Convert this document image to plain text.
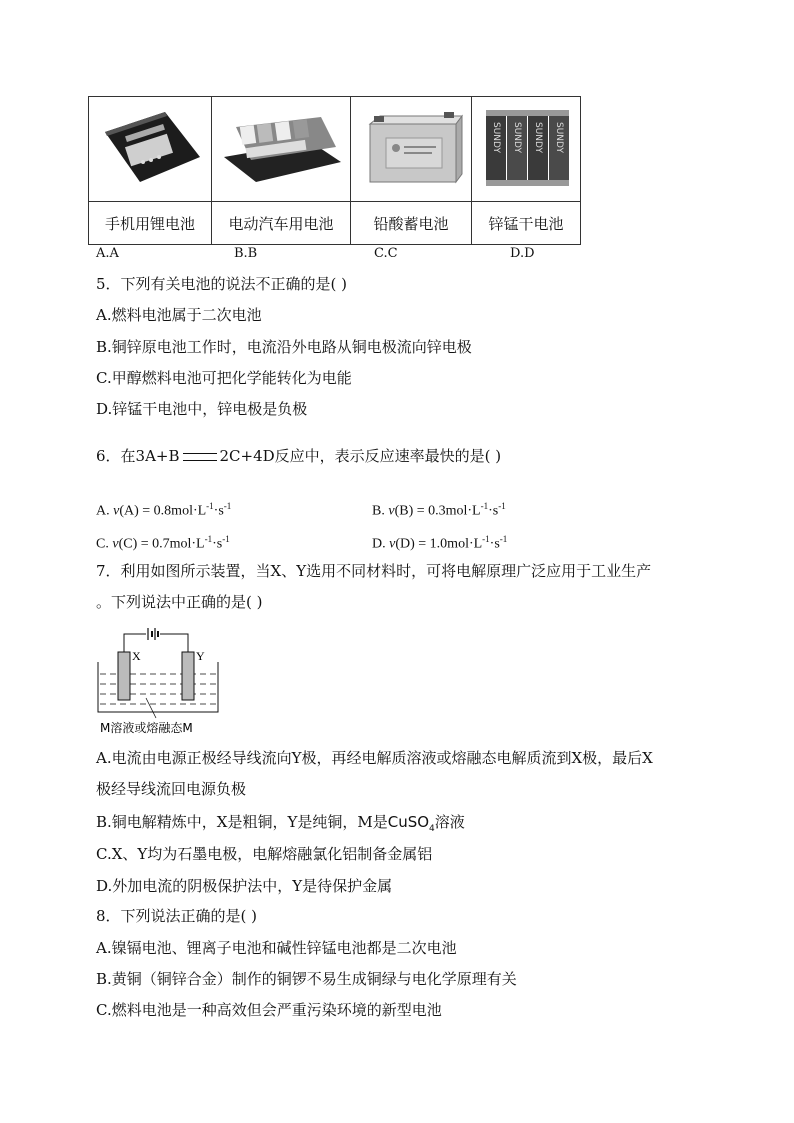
SUNDY SUNDY SUNDY SUNDY

手机用锂电池	电动汽车用电池	铅酸蓄电池	锌锰干电池
A.A	B.B	C.C	D.D
5．下列有关电池的说法不正确的是( )
A.燃料电池属于二次电池
B.铜锌原电池工作时，电流沿外电路从铜电极流向锌电极
C.甲醇燃料电池可把化学能转化为电能
D.锌锰干电池中，锌电极是负极
6．在3A+B	2C+4D反应中，表示反应速率最快的是( )
A. $v(A) = 0.8mol\cdot L^{-1}\cdot s^{-1}$	B. $v(B) = 0.3mol\cdot L^{-1}\cdot s^{-1}$
C. $v(C) = 0.7mol\cdot L^{-1}\cdot s^{-1}$	D. $v(D) = 1.0mol\cdot L^{-1}\cdot s^{-1}$
7．利用如图所示装置，当X、Y选用不同材料时，可将电解原理广泛应用于工业生产
。下列说法中正确的是( )
X	Y
M溶液或熔融态M
A.电流由电源正极经导线流向Y极，再经电解质溶液或熔融态电解质流到X极，最后X
极经导线流回电源负极
B.铜电解精炼中，X是粗铜，Y是纯铜，M是CuSO$_4$溶液
C.X、Y均为石墨电极，电解熔融氯化铝制备金属铝
D.外加电流的阴极保护法中，Y是待保护金属
8．下列说法正确的是( )
A.镍镉电池、锂离子电池和碱性锌锰电池都是二次电池
B.黄铜（铜锌合金）制作的铜锣不易生成铜绿与电化学原理有关
C.燃料电池是一种高效但会严重污染环境的新型电池
